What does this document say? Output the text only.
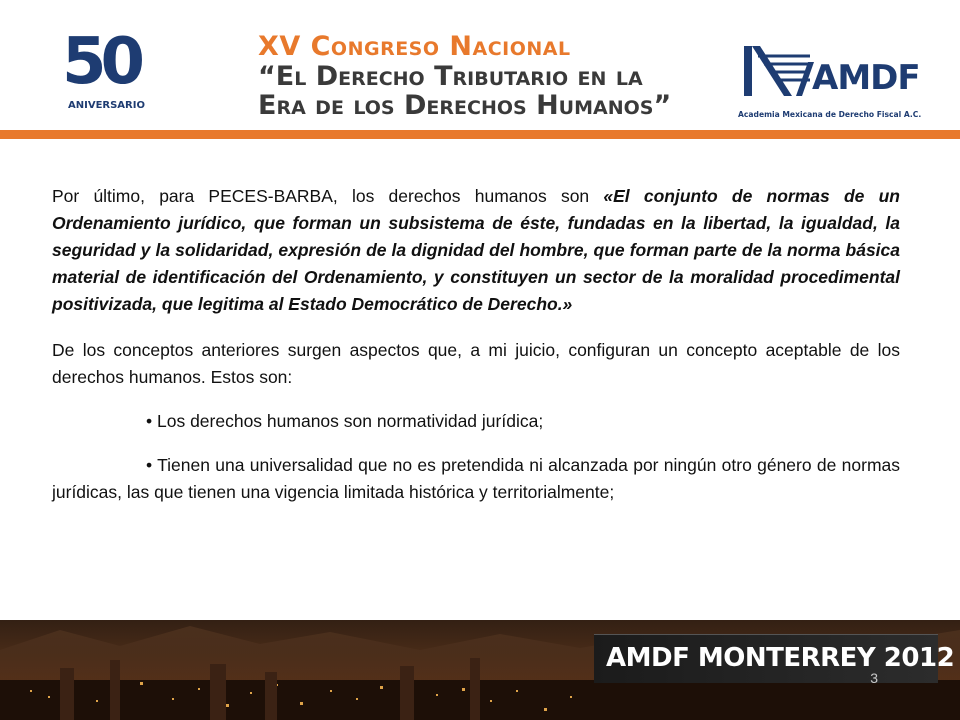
50
ANIVERSARIO
XV Congreso Nacional
“El Derecho Tributario en la
Era de los Derechos Humanos”
AMDF
Academia Mexicana de Derecho Fiscal A.C.

Por último, para PECES-BARBA, los derechos humanos son «El conjunto de normas de un Ordenamiento jurídico, que forman un subsistema de éste, fundadas en la libertad, la igualdad, la seguridad y la solidaridad, expresión de la dignidad del hombre, que forman parte de la norma básica material de identificación del Ordenamiento, y constituyen un sector de la moralidad procedimental positivizada, que legitima al Estado Democrático de Derecho.»

De los conceptos anteriores surgen aspectos que, a mi juicio, configuran un concepto aceptable de los derechos humanos. Estos son:

• Los derechos humanos son normatividad jurídica;

• Tienen una universalidad que no es pretendida ni alcanzada por ningún otro género de normas jurídicas, las que tienen una vigencia limitada histórica y territorialmente;

AMDF MONTERREY 2012
3
